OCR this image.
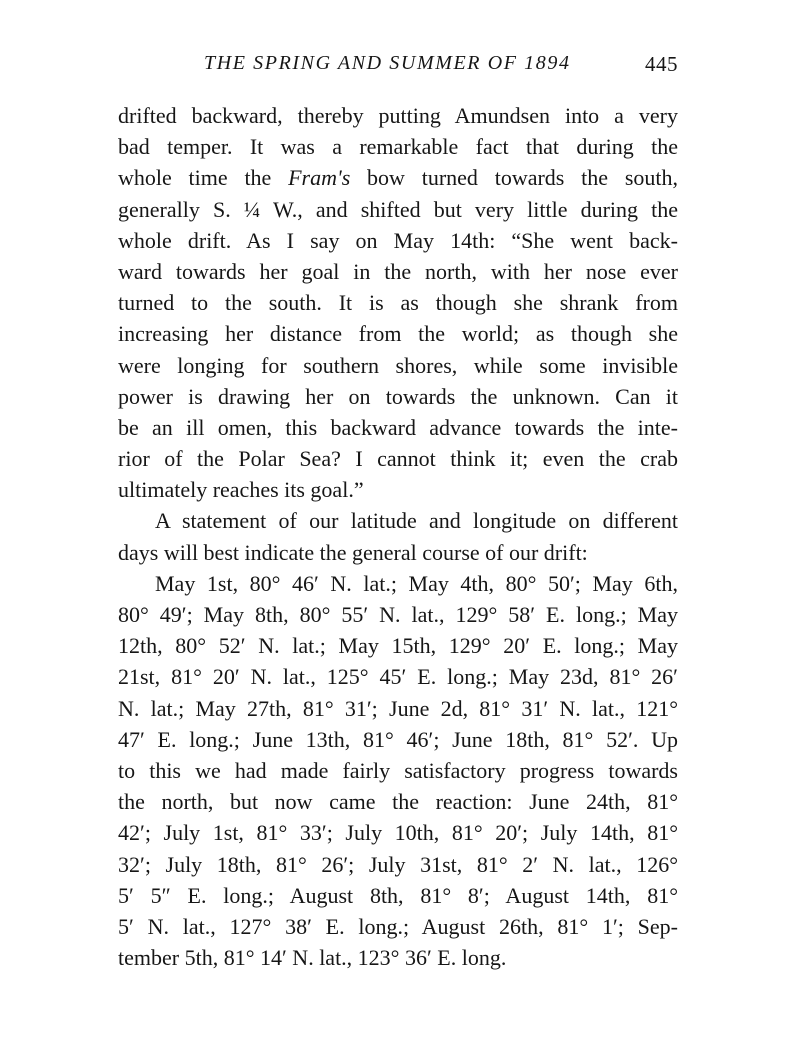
THE SPRING AND SUMMER OF 1894	445
drifted backward, thereby putting Amundsen into a very
bad temper. It was a remarkable fact that during the
whole time the Fram's bow turned towards the south,
generally S. ¼ W., and shifted but very little during the
whole drift. As I say on May 14th: “She went back-
ward towards her goal in the north, with her nose ever
turned to the south. It is as though she shrank from
increasing her distance from the world; as though she
were longing for southern shores, while some invisible
power is drawing her on towards the unknown. Can it
be an ill omen, this backward advance towards the inte-
rior of the Polar Sea? I cannot think it; even the crab
ultimately reaches its goal.”
A statement of our latitude and longitude on different
days will best indicate the general course of our drift:
May 1st, 80° 46′ N. lat.; May 4th, 80° 50′; May 6th,
80° 49′; May 8th, 80° 55′ N. lat., 129° 58′ E. long.; May
12th, 80° 52′ N. lat.; May 15th, 129° 20′ E. long.; May
21st, 81° 20′ N. lat., 125° 45′ E. long.; May 23d, 81° 26′
N. lat.; May 27th, 81° 31′; June 2d, 81° 31′ N. lat., 121°
47′ E. long.; June 13th, 81° 46′; June 18th, 81° 52′. Up
to this we had made fairly satisfactory progress towards
the north, but now came the reaction: June 24th, 81°
42′; July 1st, 81° 33′; July 10th, 81° 20′; July 14th, 81°
32′; July 18th, 81° 26′; July 31st, 81° 2′ N. lat., 126°
5′ 5″ E. long.; August 8th, 81° 8′; August 14th, 81°
5′ N. lat., 127° 38′ E. long.; August 26th, 81° 1′; Sep-
tember 5th, 81° 14′ N. lat., 123° 36′ E. long.
